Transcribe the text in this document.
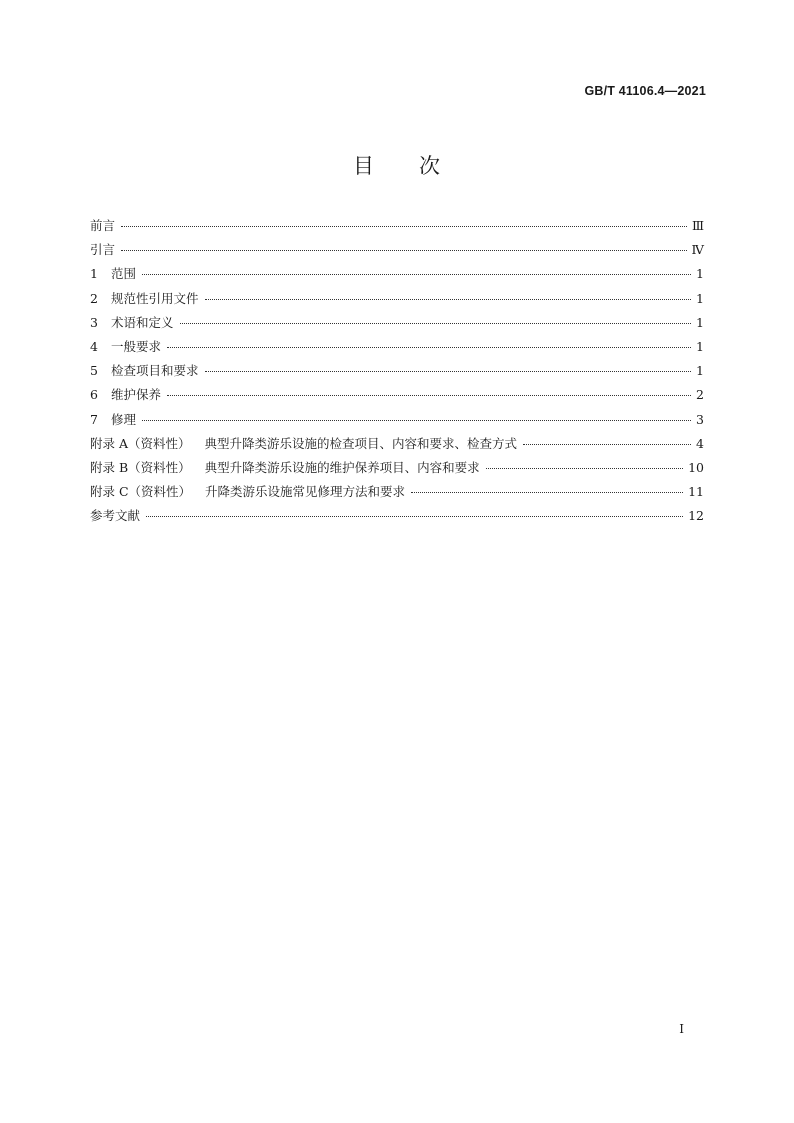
GB/T 41106.4—2021
目 次
前言	Ⅲ
引言	Ⅳ
1	范围	1
2	规范性引用文件	1
3	术语和定义	1
4	一般要求	1
5	检查项目和要求	1
6	维护保养	2
7	修理	3
附录 A（资料性） 典型升降类游乐设施的检查项目、内容和要求、检查方式	4
附录 B（资料性） 典型升降类游乐设施的维护保养项目、内容和要求	10
附录 C（资料性） 升降类游乐设施常见修理方法和要求	11
参考文献	12
Ⅰ
